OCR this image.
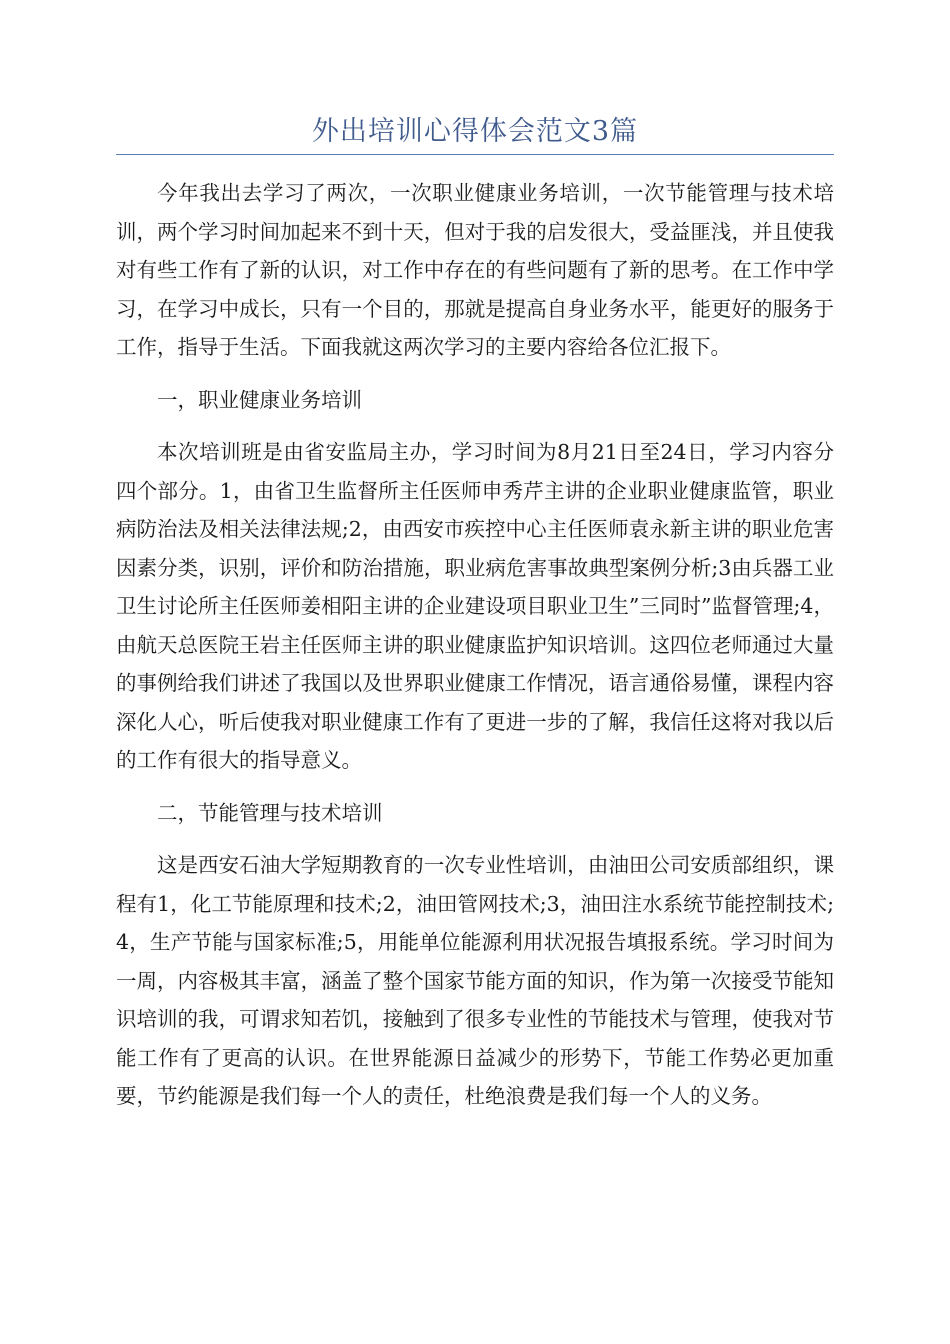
外出培训心得体会范文3篇

今年我出去学习了两次，一次职业健康业务培训，一次节能管理与技术培训，两个学习时间加起来不到十天，但对于我的启发很大，受益匪浅，并且使我对有些工作有了新的认识，对工作中存在的有些问题有了新的思考。在工作中学习，在学习中成长，只有一个目的，那就是提高自身业务水平，能更好的服务于工作，指导于生活。下面我就这两次学习的主要内容给各位汇报下。

一，职业健康业务培训

本次培训班是由省安监局主办，学习时间为8月21日至24日，学习内容分四个部分。1，由省卫生监督所主任医师申秀芹主讲的企业职业健康监管，职业病防治法及相关法律法规;2，由西安市疾控中心主任医师袁永新主讲的职业危害因素分类，识别，评价和防治措施，职业病危害事故典型案例分析;3由兵器工业卫生讨论所主任医师姜相阳主讲的企业建设项目职业卫生”三同时”监督管理;4，由航天总医院王岩主任医师主讲的职业健康监护知识培训。这四位老师通过大量的事例给我们讲述了我国以及世界职业健康工作情况，语言通俗易懂，课程内容深化人心，听后使我对职业健康工作有了更进一步的了解，我信任这将对我以后的工作有很大的指导意义。

二，节能管理与技术培训

这是西安石油大学短期教育的一次专业性培训，由油田公司安质部组织，课程有1，化工节能原理和技术;2，油田管网技术;3，油田注水系统节能控制技术;4，生产节能与国家标准;5，用能单位能源利用状况报告填报系统。学习时间为一周，内容极其丰富，涵盖了整个国家节能方面的知识，作为第一次接受节能知识培训的我，可谓求知若饥，接触到了很多专业性的节能技术与管理，使我对节能工作有了更高的认识。在世界能源日益减少的形势下，节能工作势必更加重要，节约能源是我们每一个人的责任，杜绝浪费是我们每一个人的义务。
